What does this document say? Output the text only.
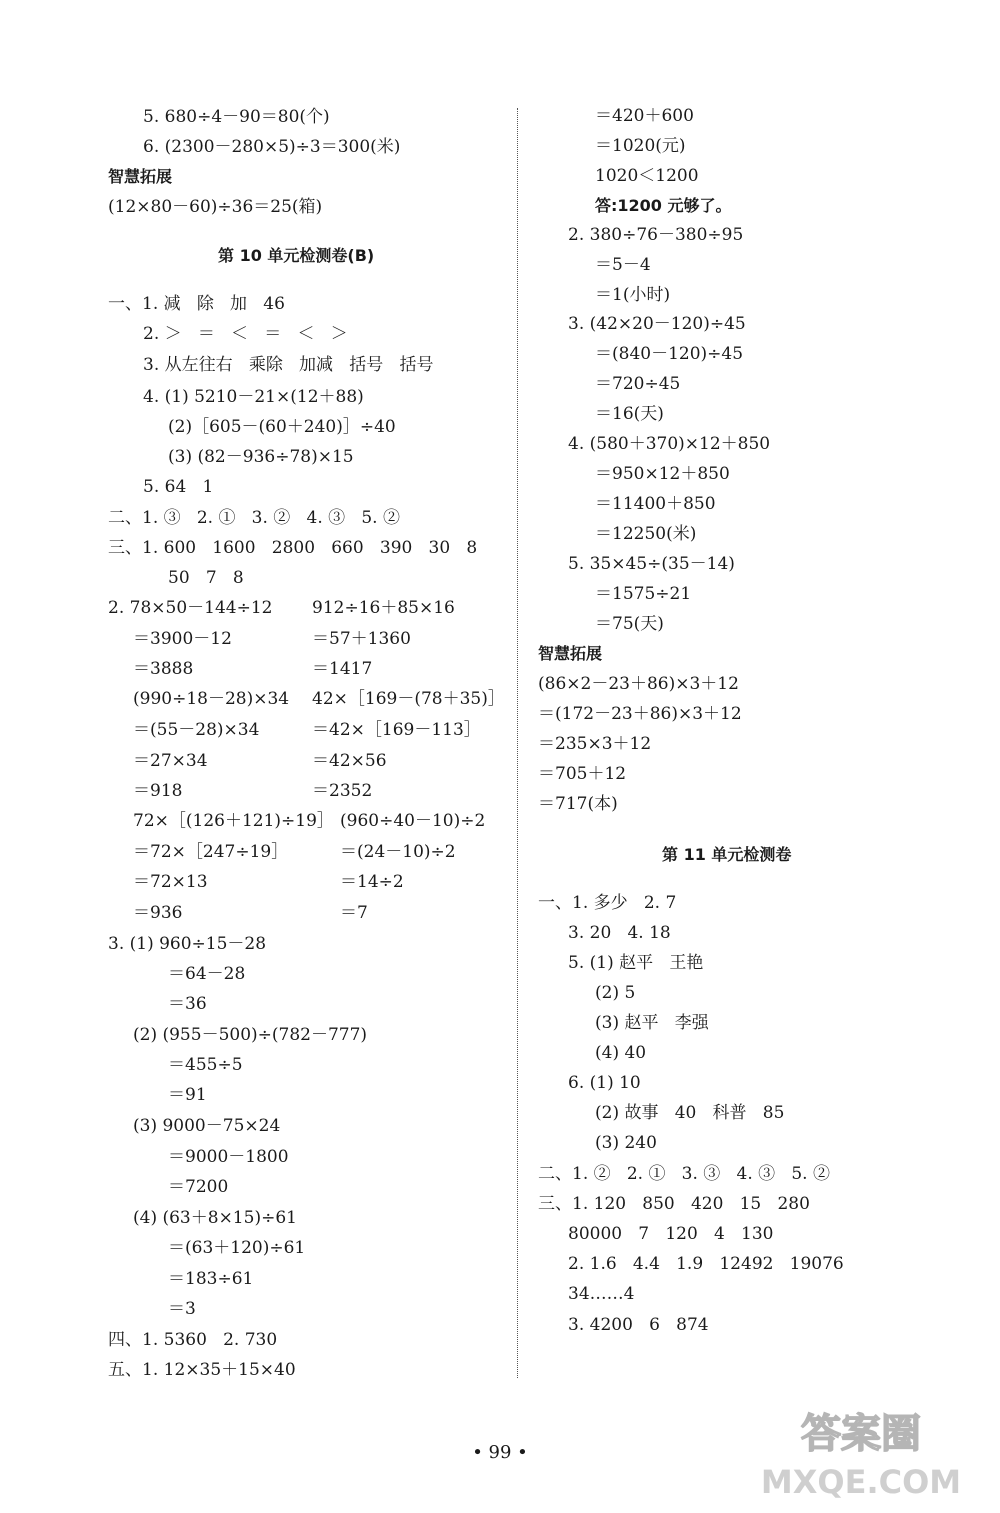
5. 680÷4－90＝80(个)
6. (2300－280×5)÷3＝300(米)
智慧拓展
(12×80－60)÷36＝25(箱)
第 10 单元检测卷(B)
一、1. 减   除   加   46
2. ＞   ＝   ＜   ＝   ＜   ＞
3. 从左往右   乘除   加减   括号   括号
4. (1) 5210－21×(12＋88)
(2)［605－(60＋240)］÷40
(3) (82－936÷78)×15
5. 64   1
二、1. ③   2. ①   3. ②   4. ③   5. ②
三、1. 600   1600   2800   660   390   30   8
50   7   8
2. 78×50－144÷12 912÷16＋85×16
＝3900－12	＝57＋1360
＝3888	＝1417
(990÷18－28)×34 42×［169－(78＋35)］
＝(55－28)×34	＝42×［169－113］
＝27×34	＝42×56
＝918	＝2352
72×［(126＋121)÷19］ (960÷40－10)÷2
＝72×［247÷19］	＝(24－10)÷2
＝72×13	＝14÷2
＝936	＝7
3. (1) 960÷15－28
＝64－28
＝36
(2) (955－500)÷(782－777)
＝455÷5
＝91
(3) 9000－75×24
＝9000－1800
＝7200
(4) (63＋8×15)÷61
＝(63＋120)÷61
＝183÷61
＝3
四、1. 5360   2. 730
五、1. 12×35＋15×40
＝420＋600
＝1020(元)
1020＜1200
答:1200 元够了。
2. 380÷76－380÷95
＝5－4
＝1(小时)
3. (42×20－120)÷45
＝(840－120)÷45
＝720÷45
＝16(天)
4. (580＋370)×12＋850
＝950×12＋850
＝11400＋850
＝12250(米)
5. 35×45÷(35－14)
＝1575÷21
＝75(天)
智慧拓展
(86×2－23＋86)×3＋12
＝(172－23＋86)×3＋12
＝235×3＋12
＝705＋12
＝717(本)
第 11 单元检测卷
一、1. 多少   2. 7
3. 20   4. 18
5. (1) 赵平   王艳
(2) 5
(3) 赵平   李强
(4) 40
6. (1) 10
(2) 故事   40   科普   85
(3) 240
二、1. ②   2. ①   3. ③   4. ③   5. ②
三、1. 120   850   420   15   280
80000   7   120   4   130
2. 1.6   4.4   1.9   12492   19076
34……4
3. 4200   6   874
• 99 •	答案圈
MXQE.COM
